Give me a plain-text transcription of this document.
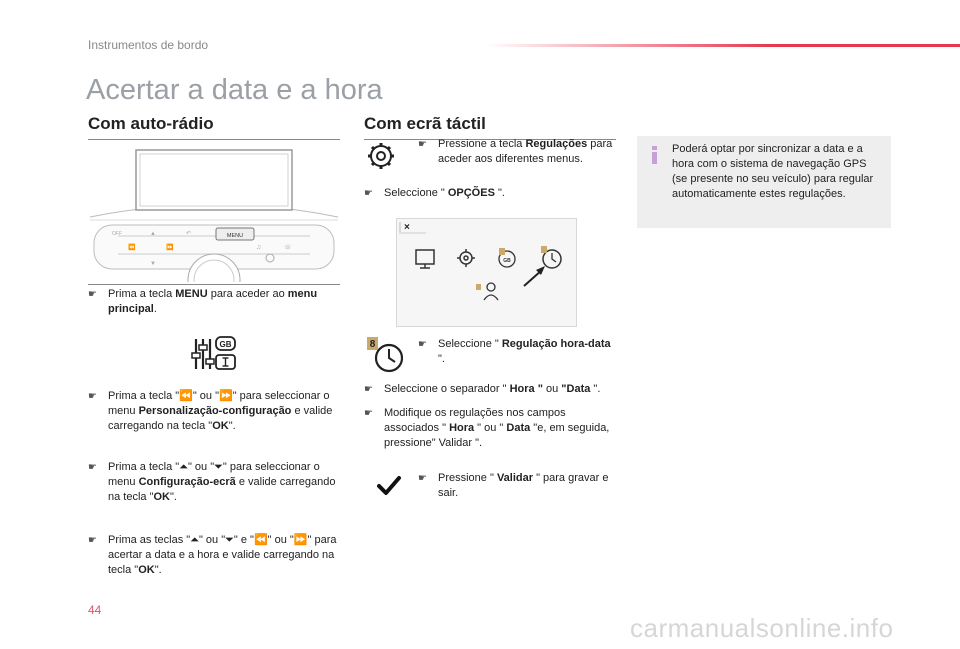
Instrumentos de bordo
Acertar a data e a hora
Com auto-rádio
MENU
OFF	▲	↶
⏪	⏩
▼
♫	☏
☛ Prima a tecla MENU para aceder ao menu principal.
GB
☛ Prima a tecla "⏪" ou "⏩" para seleccionar o menu Personalização-configuração e valide carregando na tecla "OK".
☛ Prima a tecla "⏶" ou "⏷" para seleccionar o menu Configuração-ecrã e valide carregando na tecla "OK".
☛ Prima as teclas "⏶" ou "⏷" e "⏪" ou "⏩" para acertar a data e a hora e valide carregando na tecla "OK".
Com ecrã táctil
☛ Pressione a tecla Regulações para aceder aos diferentes menus.
☛ Seleccione " OPÇÕES ".
×
GB
8	☛ Seleccione " Regulação hora-data ".
☛ Seleccione o separador " Hora " ou "Data ".
☛ Modifique os regulações nos campos associados " Hora " ou " Data "e, em seguida, pressione" Validar ".
☛ Pressione " Validar " para gravar e sair.
Poderá optar por sincronizar a data e a hora com o sistema de navegação GPS (se presente no seu veículo) para regular automaticamente estes regulações.
44
carmanualsonline.info
